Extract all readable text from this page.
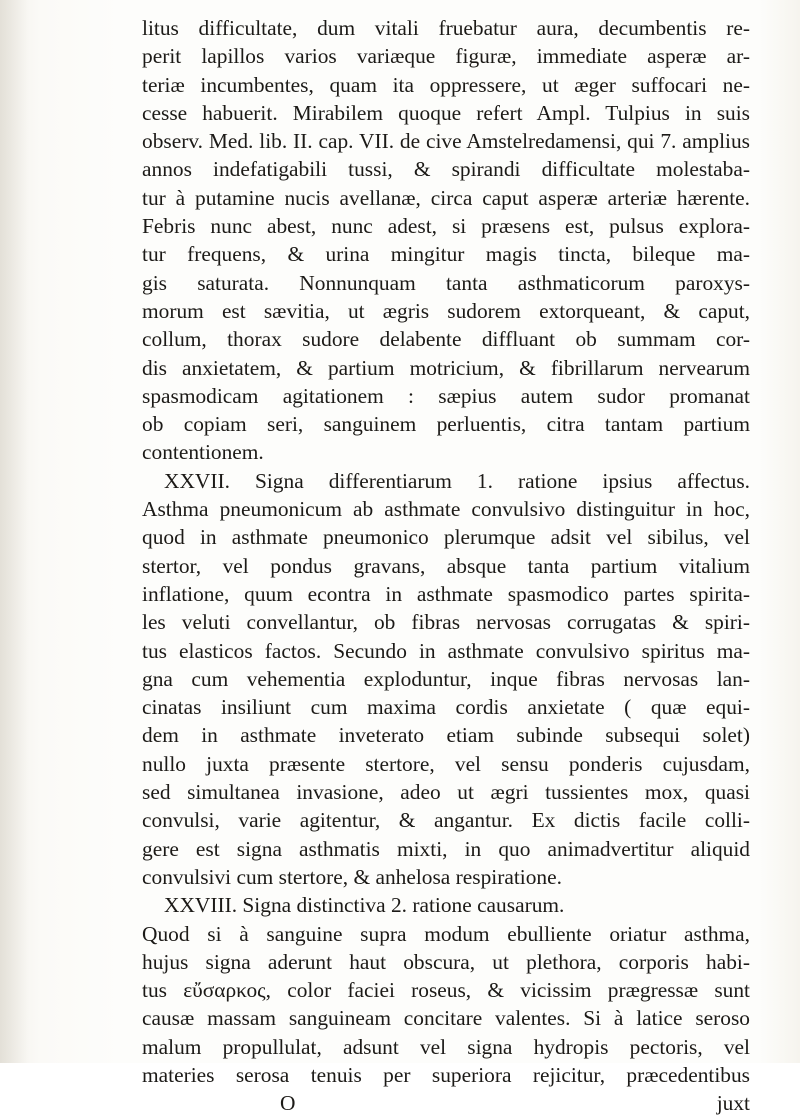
litus difficultate, dum vitali fruebatur aura, decumbentis re-
perit lapillos varios variæque figuræ, immediate asperæ ar-
teriæ incumbentes, quam ita oppressere, ut æger suffocari ne-
cesse habuerit. Mirabilem quoque refert Ampl. Tulpius in suis
observ. Med. lib. II. cap. VII. de cive Amstelredamensi, qui 7. amplius
annos indefatigabili tussi, & spirandi difficultate molestaba-
tur à putamine nucis avellanæ, circa caput asperæ arteriæ hærente.
Febris nunc abest, nunc adest, si præsens est, pulsus explora-
tur frequens, & urina mingitur magis tincta, bileque ma-
gis saturata. Nonnunquam tanta asthmaticorum paroxys-
morum est sævitia, ut ægris sudorem extorqueant, & caput,
collum, thorax sudore delabente diffluant ob summam cor-
dis anxietatem, & partium motricium, & fibrillarum nervearum
spasmodicam agitationem : sæpius autem sudor promanat
ob copiam seri, sanguinem perluentis, citra tantam partium
contentionem.
XXVII. Signa differentiarum 1. ratione ipsius affectus.
Asthma pneumonicum ab asthmate convulsivo distinguitur in hoc,
quod in asthmate pneumonico plerumque adsit vel sibilus, vel
stertor, vel pondus gravans, absque tanta partium vitalium
inflatione, quum econtra in asthmate spasmodico partes spirita-
les veluti convellantur, ob fibras nervosas corrugatas & spiri-
tus elasticos factos. Secundo in asthmate convulsivo spiritus ma-
gna cum vehementia exploduntur, inque fibras nervosas lan-
cinatas insiliunt cum maxima cordis anxietate ( quæ equi-
dem in asthmate inveterato etiam subinde subsequi solet)
nullo juxta præsente stertore, vel sensu ponderis cujusdam,
sed simultanea invasione, adeo ut ægri tussientes mox, quasi
convulsi, varie agitentur, & angantur. Ex dictis facile colli-
gere est signa asthmatis mixti, in quo animadvertitur aliquid
convulsivi cum stertore, & anhelosa respiratione.
XXVIII. Signa distinctiva 2. ratione causarum.
Quod si à sanguine supra modum ebulliente oriatur asthma,
hujus signa aderunt haut obscura, ut plethora, corporis habi-
tus εὔσαρκος, color faciei roseus, & vicissim prægressæ sunt
causæ massam sanguineam concitare valentes. Si à latice seroso
malum propullulat, adsunt vel signa hydropis pectoris, vel
materies serosa tenuis per superiora rejicitur, præcedentibus
O	juxt
